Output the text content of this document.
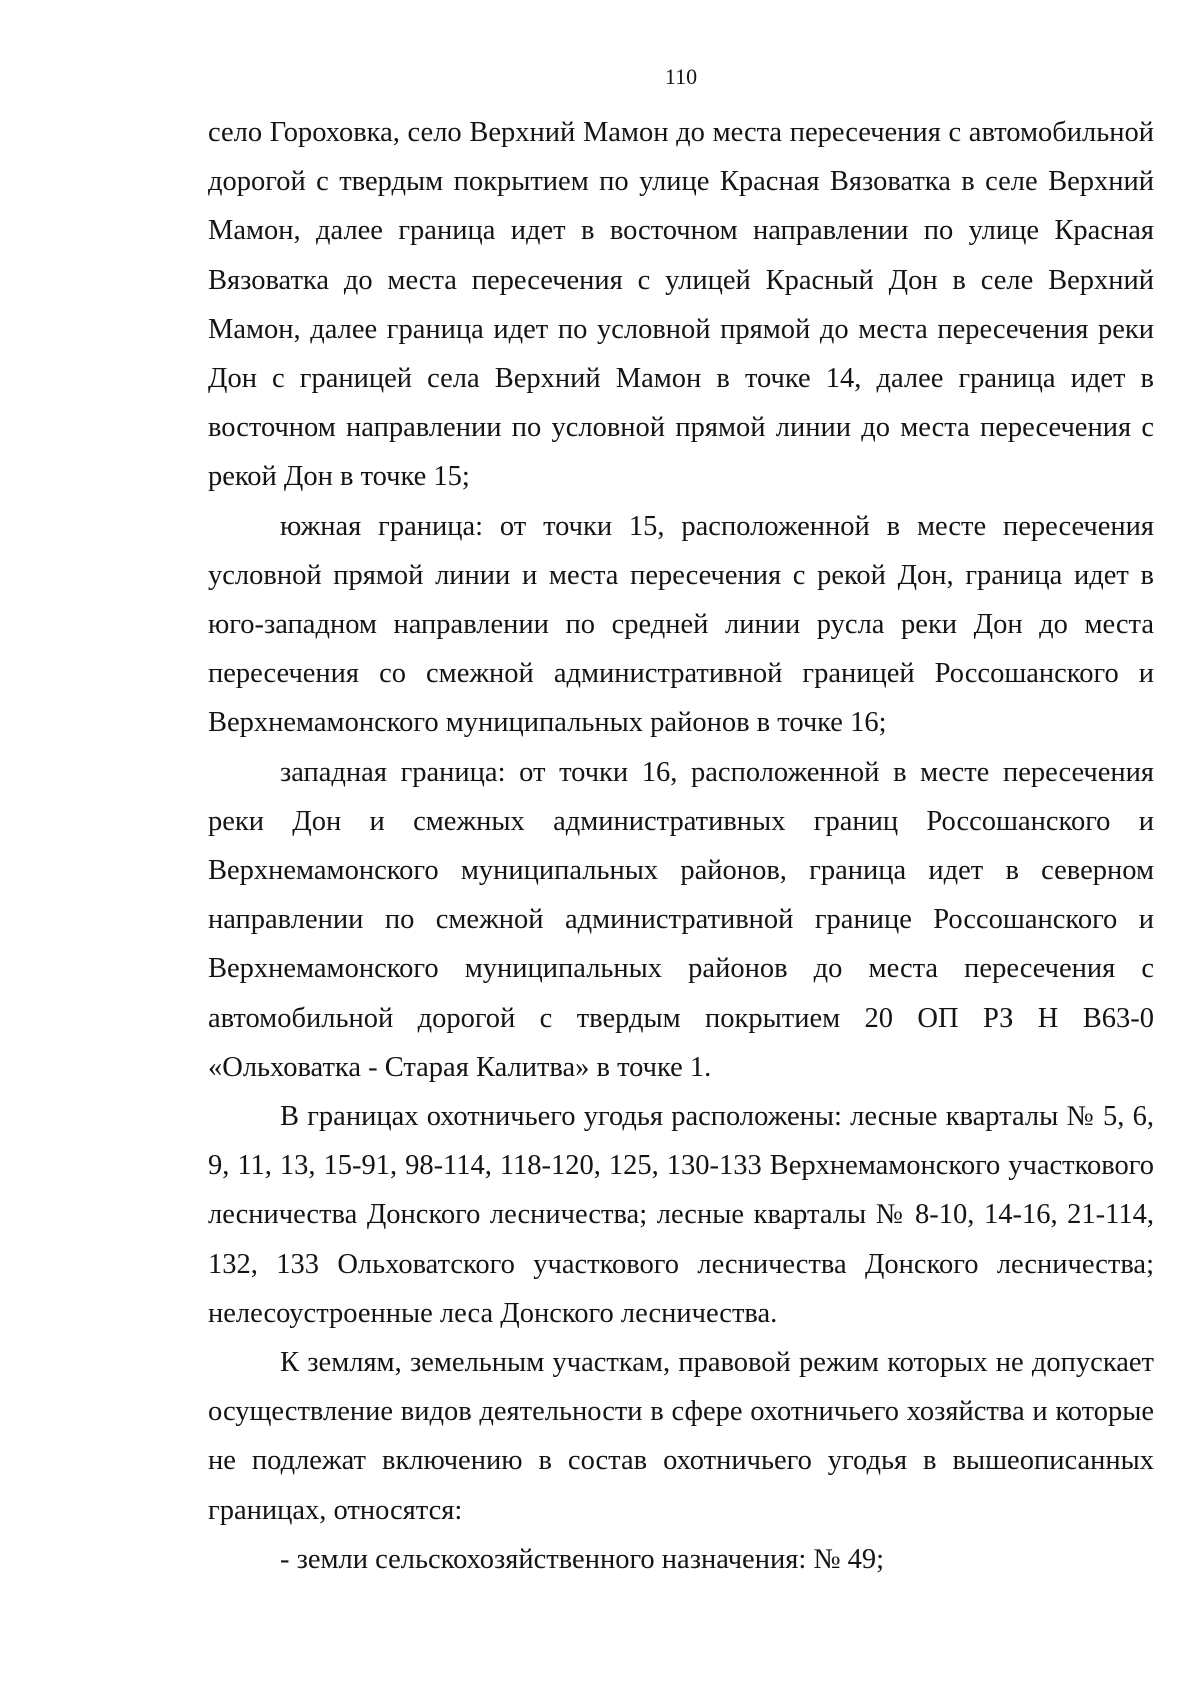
110

село Гороховка, село Верхний Мамон до места пересечения с автомобильной дорогой с твердым покрытием по улице Красная Вязоватка в селе Верхний Мамон, далее граница идет в восточном направлении по улице Красная Вязоватка до места пересечения с улицей Красный Дон в селе Верхний Мамон, далее граница идет по условной прямой до места пересечения реки Дон с границей села Верхний Мамон в точке 14, далее граница идет в восточном направлении по условной прямой линии до места пересечения с рекой Дон в точке 15;

южная граница: от точки 15, расположенной в месте пересечения условной прямой линии и места пересечения с рекой Дон, граница идет в юго-западном направлении по средней линии русла реки Дон до места пересечения со смежной административной границей Россошанского и Верхнемамонского муниципальных районов в точке 16;

западная граница: от точки 16, расположенной в месте пересечения реки Дон и смежных административных границ Россошанского и Верхнемамонского муниципальных районов, граница идет в северном направлении по смежной административной границе Россошанского и Верхнемамонского муниципальных районов до места пересечения с автомобильной дорогой с твердым покрытием 20 ОП РЗ Н В63-0 «Ольховатка - Старая Калитва» в точке 1.

В границах охотничьего угодья расположены: лесные кварталы № 5, 6, 9, 11, 13, 15-91, 98-114, 118-120, 125, 130-133 Верхнемамонского участкового лесничества Донского лесничества; лесные кварталы № 8-10, 14-16, 21-114, 132, 133 Ольховатского участкового лесничества Донского лесничества; нелесоустроенные леса Донского лесничества.

К землям, земельным участкам, правовой режим которых не допускает осуществление видов деятельности в сфере охотничьего хозяйства и которые не подлежат включению в состав охотничьего угодья в вышеописанных границах, относятся:

- земли сельскохозяйственного назначения: № 49;
